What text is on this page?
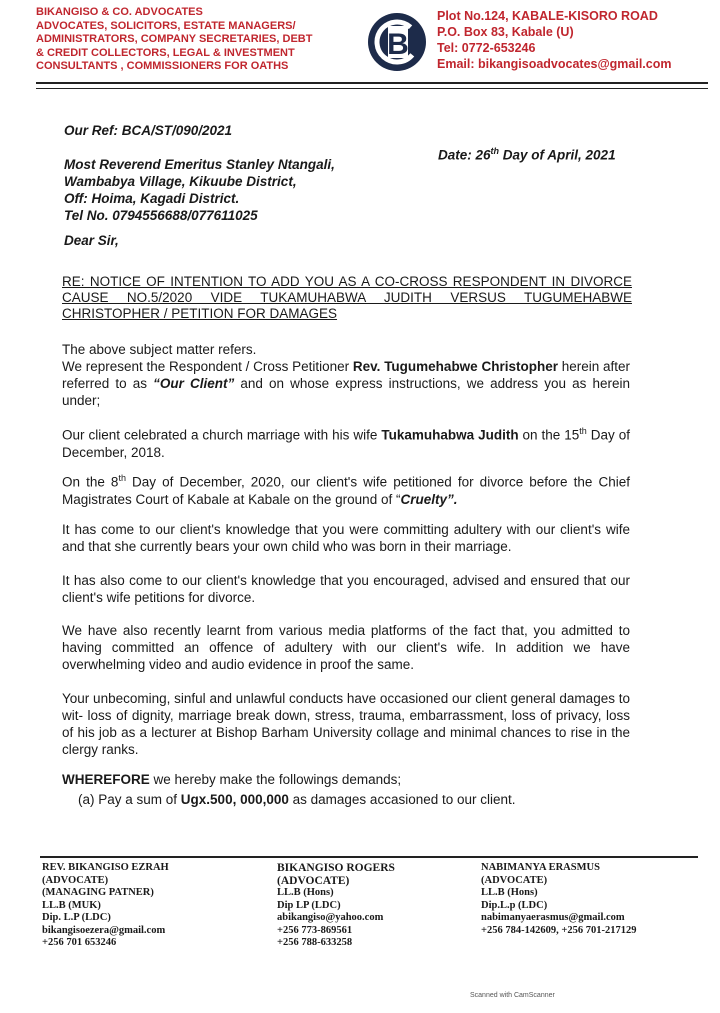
BIKANGISO & CO. ADVOCATES
ADVOCATES, SOLICITORS, ESTATE MANAGERS/
ADMINISTRATORS, COMPANY SECRETARIES, DEBT
& CREDIT COLLECTORS, LEGAL & INVESTMENT
CONSULTANTS , COMMISSIONERS FOR OATHS
B
Plot No.124, KABALE-KISORO ROAD
P.O. Box 83, Kabale (U)
Tel: 0772-653246
Email: bikangisoadvocates@gmail.com
Our Ref: BCA/ST/090/2021
Date: 26th Day of April, 2021
Most Reverend Emeritus Stanley Ntangali,
Wambabya Village, Kikuube District,
Off: Hoima, Kagadi District.
Tel No. 0794556688/077611025
Dear Sir,
RE: NOTICE OF INTENTION TO ADD YOU AS A CO-CROSS RESPONDENT IN DIVORCE CAUSE NO.5/2020 VIDE TUKAMUHABWA JUDITH VERSUS TUGUMEHABWE CHRISTOPHER / PETITION FOR DAMAGES
The above subject matter refers.
We represent the Respondent / Cross Petitioner Rev. Tugumehabwe Christopher herein after referred to as “Our Client” and on whose express instructions, we address you as herein under;
Our client celebrated a church marriage with his wife Tukamuhabwa Judith on the 15th Day of December, 2018.
On the 8th Day of December, 2020, our client's wife petitioned for divorce before the Chief Magistrates Court of Kabale at Kabale on the ground of “Cruelty”.
It has come to our client's knowledge that you were committing adultery with our client's wife and that she currently bears your own child who was born in their marriage.
It has also come to our client's knowledge that you encouraged, advised and ensured that our client's wife petitions for divorce.
We have also recently learnt from various media platforms of the fact that, you admitted to having committed an offence of adultery with our client's wife. In addition we have overwhelming video and audio evidence in proof the same.
Your unbecoming, sinful and unlawful conducts have occasioned our client general damages to wit- loss of dignity, marriage break down, stress, trauma, embarrassment, loss of privacy, loss of his job as a lecturer at Bishop Barham University collage and minimal chances to rise in the clergy ranks.
WHEREFORE we hereby make the followings demands;
(a) Pay a sum of Ugx.500, 000,000 as damages accasioned to our client.
REV. BIKANGISO EZRAH
(ADVOCATE)
(MANAGING PATNER)
LL.B (MUK)
Dip. L.P (LDC)
bikangisoezera@gmail.com
+256 701 653246
BIKANGISO ROGERS
(ADVOCATE)
LL.B (Hons)
Dip LP (LDC)
abikangiso@yahoo.com
+256 773-869561
+256 788-633258
NABIMANYA ERASMUS
(ADVOCATE)
LL.B (Hons)
Dip.L.p (LDC)
nabimanyaerasmus@gmail.com
+256 784-142609, +256 701-217129
Scanned with CamScanner
